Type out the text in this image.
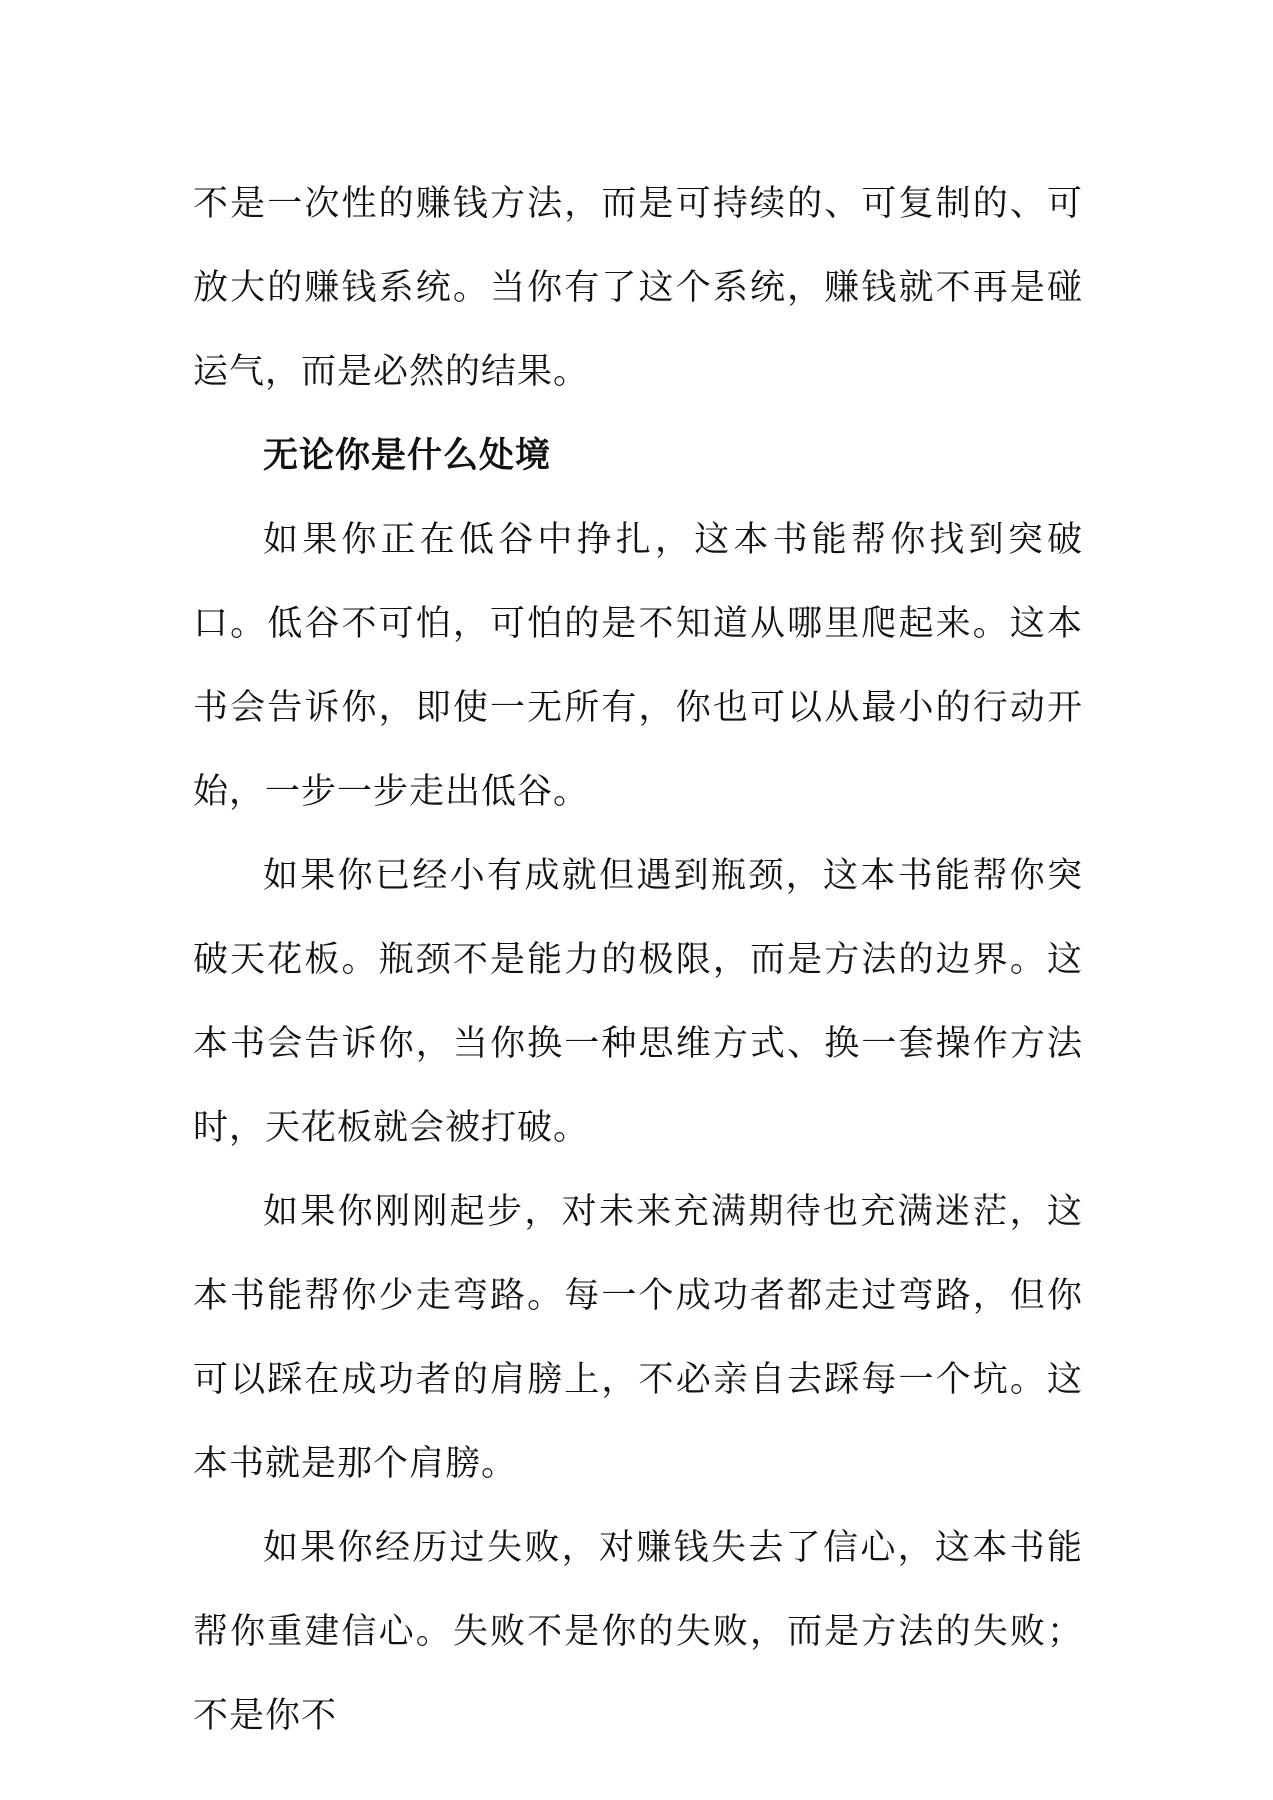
不是一次性的赚钱方法，而是可持续的、可复制的、可放大的赚钱系统。当你有了这个系统，赚钱就不再是碰运气，而是必然的结果。

无论你是什么处境

如果你正在低谷中挣扎，这本书能帮你找到突破口。低谷不可怕，可怕的是不知道从哪里爬起来。这本书会告诉你，即使一无所有，你也可以从最小的行动开始，一步一步走出低谷。

如果你已经小有成就但遇到瓶颈，这本书能帮你突破天花板。瓶颈不是能力的极限，而是方法的边界。这本书会告诉你，当你换一种思维方式、换一套操作方法时，天花板就会被打破。

如果你刚刚起步，对未来充满期待也充满迷茫，这本书能帮你少走弯路。每一个成功者都走过弯路，但你可以踩在成功者的肩膀上，不必亲自去踩每一个坑。这本书就是那个肩膀。

如果你经历过失败，对赚钱失去了信心，这本书能帮你重建信心。失败不是你的失败，而是方法的失败；不是你不
